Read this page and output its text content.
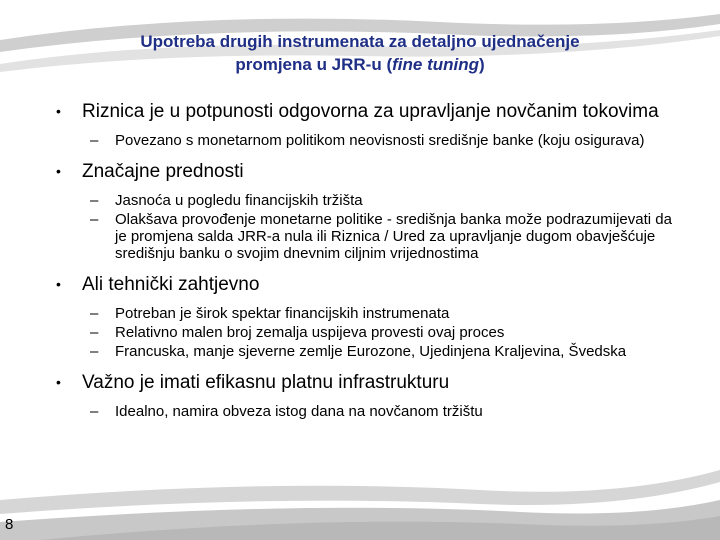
Upotreba drugih instrumenata za detaljno ujednačenje
promjena u JRR-u (fine tuning)
• Riznica je u potpunosti odgovorna za upravljanje novčanim tokovima
– Povezano s monetarnom politikom neovisnosti središnje banke (koju osigurava)
• Značajne prednosti
– Jasnoća u pogledu financijskih tržišta
– Olakšava provođenje monetarne politike - središnja banka može podrazumijevati da je promjena salda JRR-a nula ili Riznica / Ured za upravljanje dugom obavješćuje središnju banku o svojim dnevnim ciljnim vrijednostima
• Ali tehnički zahtjevno
– Potreban je širok spektar financijskih instrumenata
– Relativno malen broj zemalja uspijeva provesti ovaj proces
– Francuska, manje sjeverne zemlje Eurozone, Ujedinjena Kraljevina, Švedska
• Važno je imati efikasnu platnu infrastrukturu
– Idealno, namira obveza istog dana na novčanom tržištu
8
